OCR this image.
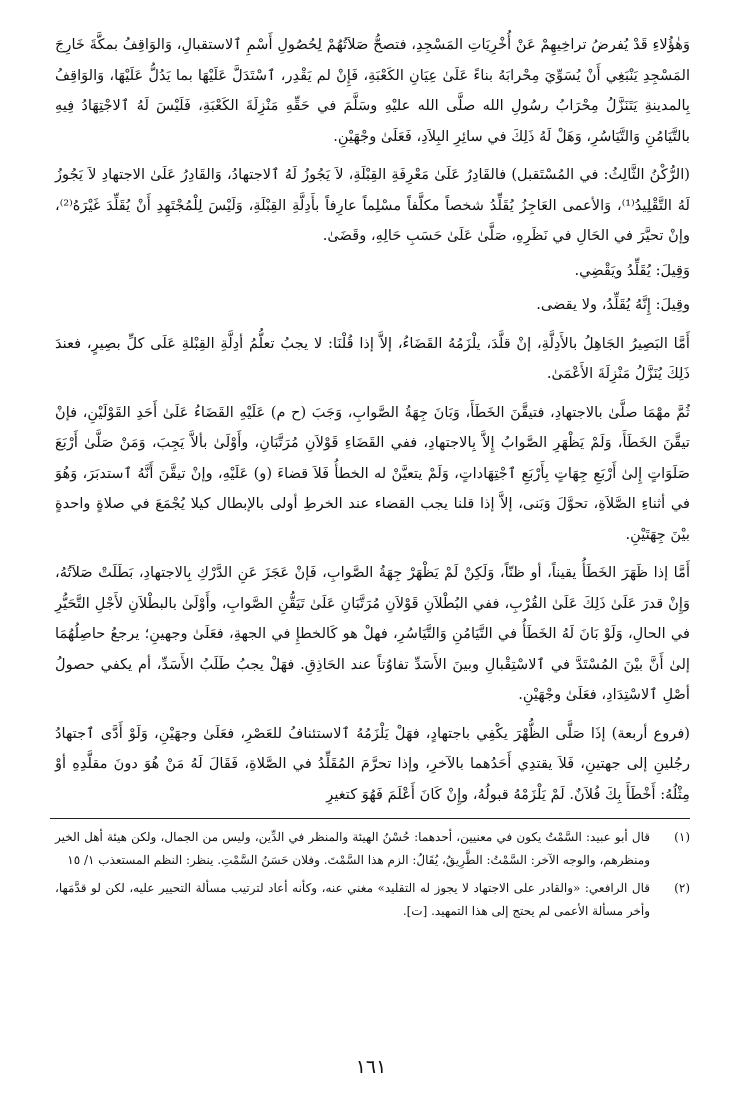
وَهٰؤُلاءِ قَدْ يُفرضُ تراخِيهِمْ عَنْ أُخْرِيَاتِ المَسْجِدِ، فتصحُّ صَلاَتُهُمْ لِحُصُولِ أَسْمِ ٱلاستقبالِ، وَالوَاقِفُ بمكَّةَ خَارِجَ المَسْجِدِ يَنْبَغِي أَنْ يُسَوِّيَ مِحْرابَهُ بناءً عَلَىٰ عِيَانِ الكَعْبَةِ، فَإِنْ لم يَقْدِر، ٱسْتَدَلَّ عَلَيْهَا بما يَدُلُّ عَلَيْهَا، وَالوَاقِفُ بِالمدينةِ يَتَنَزَّلُ مِحْرَابُ رسُولِ الله صلَّى الله عليْهِ وسَلَّمَ في حَقِّهِ مَنْزِلَةَ الكَعْبَةِ، فَلَيْسَ لَهُ ٱلاجْتِهَادُ فِيهِ بالتَّيَامُنِ وَالتَّيَاسُرِ، وَهَلْ لَهُ ذَلِكَ في سائِرِ البِلاَدِ، فَعَلَىٰ وجْهَيْنِ.

(الرُّكْنُ الثَّالِثُ: في المُسْتَقبل) فالقَادِرُ عَلَىٰ مَعْرِفَةِ القِبْلَةِ، لاَ يَجُوزُ لَهُ ٱلاجتهادُ، وَالقَادِرُ عَلَىٰ الاجتهادِ لاَ يَجُوزُ لَهُ التَّقْلِيدُ⁽¹⁾، وَالأعمى العَاجِزُ يُقَلِّدُ شخصاً مكلَّفاً مسْلِماً عارِفاً بأَدِلَّةِ القِبْلَةِ، وَلَيْسَ لِلْمُجْتَهِدِ أَنْ يُقَلِّدَ غَيْرَهُ⁽²⁾، وإنْ تحيَّرَ في الحَالِ في نَظَرِهِ، صَلَّىٰ عَلَىٰ حَسَبِ حَالِهِ، وقَضَىٰ.

وَقِيلَ: يُقَلِّدُ ويَقْضِي.

وقِيلَ: إِنَّهُ يُقَلِّدُ، ولا يقضى.

أَمَّا البَصِيرُ الجَاهِلُ بالأَدِلَّةِ، إنْ قلَّدَ، يلْزَمُهُ القَضَاءُ، إلاَّ إذا قُلْنَا: لا يجبُ تعلُّمُ أدِلَّةِ القِبْلةِ عَلَى كلِّ بصِيرٍ، فعندَ ذَلِكَ يُنَزَّلُ مَنْزِلَةَ الأَعْمَىٰ.

ثُمَّ مهْمَا صلَّىٰ بالاجتهادِ، فتيقَّنَ الخَطَأَ، وَبَانَ جِهَةُ الصَّوابِ، وَجَبَ (ح م) عَلَيْهِ القَضَاءُ عَلَىٰ أَحَدِ القَوْلَيْنِ، فإنْ تيقَّنَ الخَطَأَ، وَلَمْ يَظْهَرِ الصَّوابُ إِلاَّ بِالاجتهادِ، ففي القَضَاءِ قَوْلاَنِ مُرَتَّبَانِ، وأَوْلَىٰ بألاَّ يَجِبَ، وَمَنْ صَلَّىٰ أَرْبَعَ صَلَوَاتٍ إِلىٰ أَرْبَعِ جِهَاتٍ بِأَرْبَعِ ٱجْتِهَاداتٍ، وَلَمْ يتعيَّنْ له الخطأُ فَلاَ قضاءَ (و) عَلَيْهِ، وإنْ تيقَّنَ أَنَّهُ ٱستدبَرَ، وَهُوَ في أثناءِ الصَّلاَةِ، تحوَّلَ وَبَنى، إلاَّ إذا قلنا يجب القضاء عند الخرطِ أولى بالإبطال كيلا يُجْمَعَ في صلاةٍ واحدةٍ بيْنَ جِهَتَيْنِ.

أَمَّا إذا ظَهَرَ الخَطَأُ يقيناً، أو ظنّاً، وَلَكِنْ لَمْ يَظْهَرْ جِهَةُ الصَّوابِ، فَإنْ عَجَزَ عَنِ الدَّرْكِ بِالاجتهادِ، بَطَلَتْ صَلاَتُهُ، وَإِنْ قدرَ عَلَىٰ ذَلِكَ عَلَىٰ القُرْبِ، ففي البُطْلاَنِ قَوْلاَنِ مُرَتَّبَانِ عَلَىٰ تَيَقُّنِ الصَّوابِ، وأَوْلَىٰ بالبطْلاَنِ لأَجْلِ التَّحَيُّرِ في الحالِ، وَلَوْ بَانَ لَهُ الخَطَأُ في التَّيَامُنِ وَالتَّيَاسُرِ، فهلْ هو كَالخطإِ في الجهةِ، فعَلَىٰ وجهينِ؛ يرجعُ حاصِلُهُمَا إلىٰ أَنَّ بيْنَ المُسْتَدَّ في ٱلاسْتِقْبالِ وبينَ الأَسَدِّ تفاوُتاً عند الحَاذِقِ. فهَلْ يجبُ طَلَبُ الأَسَدِّ، أم يكفي حصولُ أصْلِ ٱلاسْتِدَادِ، فعَلَىٰ وجْهَيْنِ.

(فروع أربعة) إذَا صَلَّى الظُّهْرَ يكْفِي باجتهادٍ، فهَلْ يَلْزَمُهُ ٱلاستئنافُ للعَصْرِ، فعَلَىٰ وجهَيْنِ، وَلَوْ أَدَّى ٱجتهادُ رجُلينِ إلى جهتينِ، فَلاَ يقتدِي أَحَدُهما بالآخرِ، وإذا تحرَّمَ المُقَلِّدُ في الصَّلاةِ، فَقَالَ لَهُ مَنْ هُوَ دونَ مقلَّدِهِ أوْ مِثْلُهُ: أَخْطَأَ بِكَ فُلاَنٌ. لَمْ يَلْزَمْهُ قبولُهُ، وإِنْ كَانَ أَعْلَمَ فَهُوَ كتغيرِ

(١)
قال أبو عبيد: السَّمْتُ يكون في معنيين، أحدهما: حُسْنُ الهيئة والمنظر في الدِّين، وليس من الجمال، ولكن هيئة أهل الخير ومنظرهم، والوجه الآخر: السَّمْتُ: الطَّرِيقُ، يُقَالُ: الزم هذا السَّمْتَ. وفلان حَسَنُ السَّمْتِ. ينظر: النظم المستعذب ١/ ١٥
(٢)
قال الرافعي: «والقادر على الاجتهاد لا يجوز له التقليد» مغني عنه، وكأنه أعاد لترتيب مسألة التحيير عليه، لكن لو قدَّمَها، وأخر مسألة الأعمى لم يحتج إلى هذا التمهيد. [ت].
١٦١
